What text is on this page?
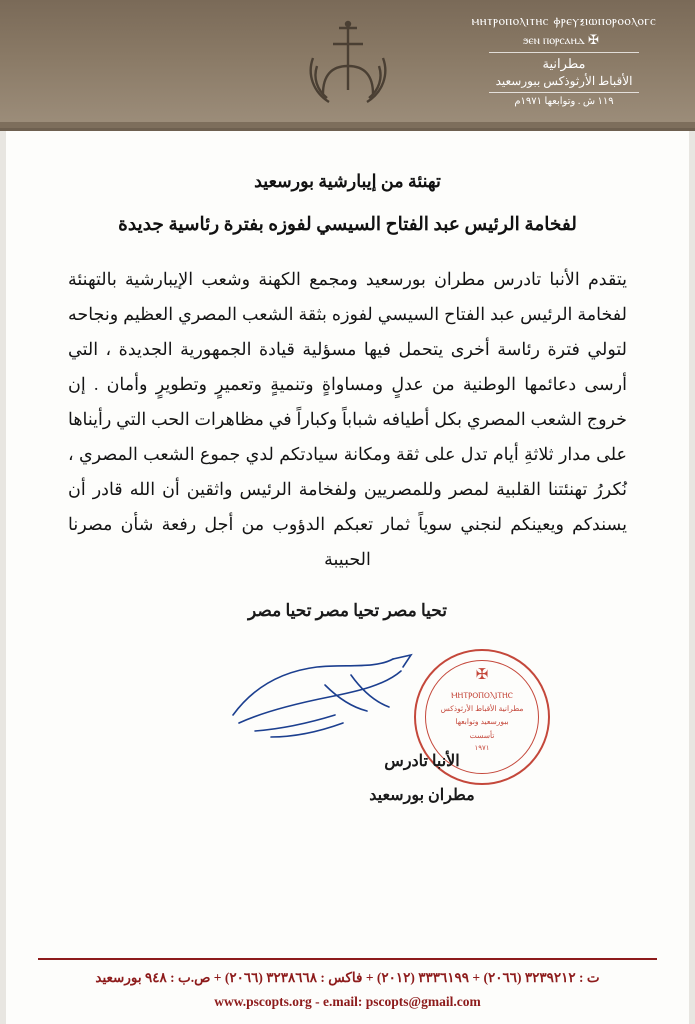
ⲙⲏⲧⲣⲟⲡⲟⲗⲓⲧⲏⲥ ⲫⲣⲉⲩⲝⲓⲱⲡⲟⲣⲟⲟⲗⲟⲅⲥ
✠ ϧⲉⲛ ⲡⲟⲣⲥⲁⲏⲇ
مطرانية
الأقباط الأرثوذكس ببورسعيد
١١٩ ش . وتوابعها ١٩٧١م
تهنئة من إيبارشية بورسعيد
لفخامة الرئيس عبد الفتاح السيسي لفوزه بفترة رئاسية جديدة
يتقدم الأنبا تادرس مطران بورسعيد ومجمع الكهنة وشعب الإيبارشية بالتهنئة لفخامة الرئيس عبد الفتاح السيسي لفوزه بثقة الشعب المصري العظيم ونجاحه لتولي فترة رئاسة أخرى يتحمل فيها مسؤلية قيادة الجمهورية الجديدة ، التي أرسى دعائمها الوطنية من عدلٍ ومساواةٍ وتنميةٍ وتعميرٍ وتطويرٍ وأمان . إن خروج الشعب المصري بكل أطيافه شباباً وكباراً في مظاهرات الحب التي رأيناها على مدار ثلاثةِ أيام تدل على ثقة ومكانة سيادتكم لدي جموع الشعب المصري ، نُكررُ تهنئتنا القلبية لمصر وللمصريين ولفخامة الرئيس واثقين أن الله قادر أن يسندكم ويعينكم لنجني سوياً ثمار تعبكم الدؤوب من أجل رفعة شأن مصرنا الحبيبة
تحيا مصر تحيا مصر تحيا مصر
✠
ⲘⲎⲦⲢⲞⲠⲞⲖⲒⲦⲎⲤ
مطرانية الأقباط الأرثوذكس
ببورسعيد وتوابعها
تأسست
١٩٧١
الأنبا تادرس
مطران بورسعيد
ت : ٣٢٣٩٢١٢ (٢٠٦٦) + ٣٣٣٦١٩٩ (٢٠١٢) + فاكس : ٣٢٣٨٦٦٨ (٢٠٦٦) + ص.ب : ٩٤٨ بورسعيد
www.pscopts.org - e.mail: pscopts@gmail.com
